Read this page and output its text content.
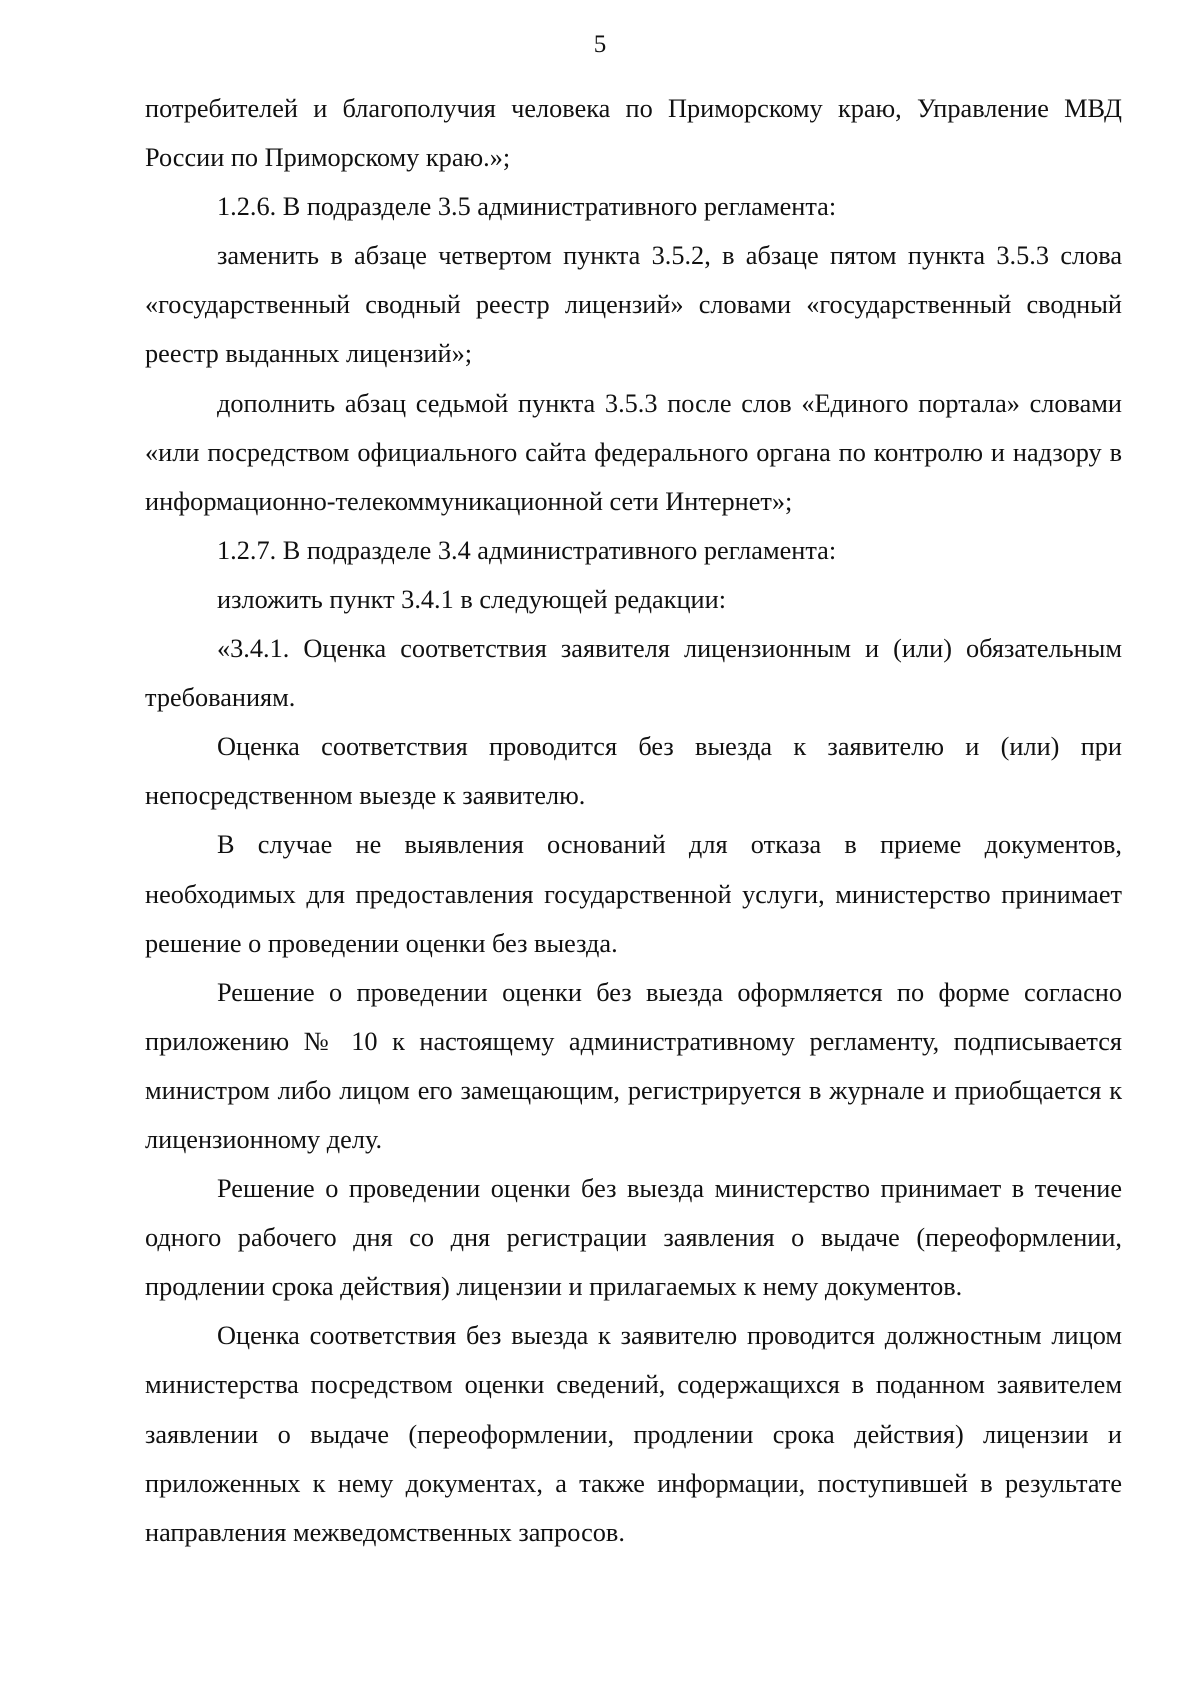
5

потребителей и благополучия человека по Приморскому краю, Управление МВД России по Приморскому краю.»;

1.2.6. В подразделе 3.5 административного регламента:

заменить в абзаце четвертом пункта 3.5.2, в абзаце пятом пункта 3.5.3 слова «государственный сводный реестр лицензий» словами «государственный сводный реестр выданных лицензий»;

дополнить абзац седьмой пункта 3.5.3 после слов «Единого портала» словами «или посредством официального сайта федерального органа по контролю и надзору в информационно-телекоммуникационной сети Интернет»;

1.2.7. В подразделе 3.4 административного регламента:

изложить пункт 3.4.1 в следующей редакции:

«3.4.1. Оценка соответствия заявителя лицензионным и (или) обязательным требованиям.

Оценка соответствия проводится без выезда к заявителю и (или) при непосредственном выезде к заявителю.

В случае не выявления оснований для отказа в приеме документов, необходимых для предоставления государственной услуги, министерство принимает решение о проведении оценки без выезда.

Решение о проведении оценки без выезда оформляется по форме согласно приложению № 10 к настоящему административному регламенту, подписывается министром либо лицом его замещающим, регистрируется в журнале и приобщается к лицензионному делу.

Решение о проведении оценки без выезда министерство принимает в течение одного рабочего дня со дня регистрации заявления о выдаче (переоформлении, продлении срока действия) лицензии и прилагаемых к нему документов.

Оценка соответствия без выезда к заявителю проводится должностным лицом министерства посредством оценки сведений, содержащихся в поданном заявителем заявлении о выдаче (переоформлении, продлении срока действия) лицензии и приложенных к нему документах, а также информации, поступившей в результате направления межведомственных запросов.
